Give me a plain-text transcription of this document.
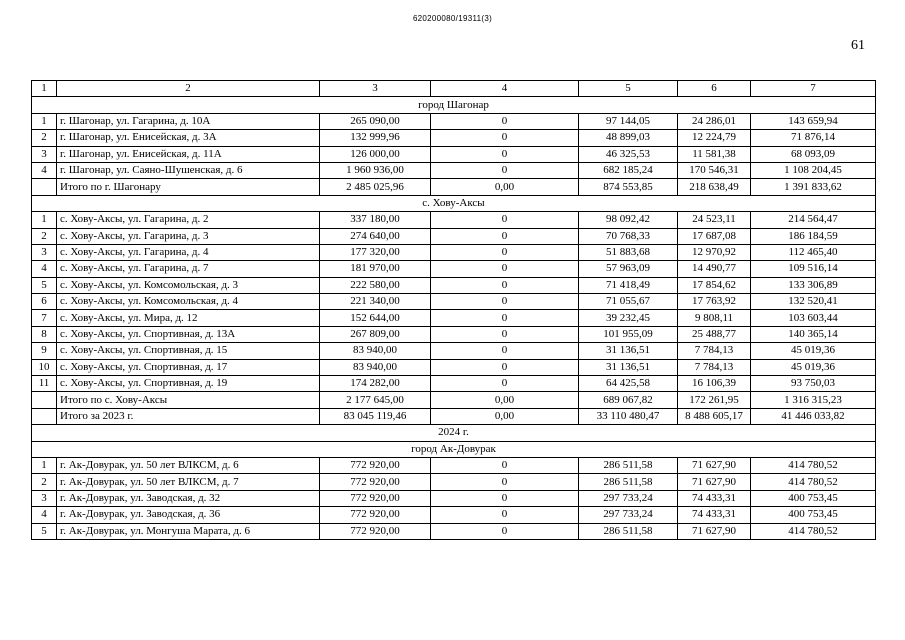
620200080/19311(3)
61
1	2	3	4	5	6	7
город Шагонар						
1	г. Шагонар, ул. Гагарина, д. 10А	265 090,00	0	97 144,05	24 286,01	143 659,94
2	г. Шагонар, ул. Енисейская, д. 3А	132 999,96	0	48 899,03	12 224,79	71 876,14
3	г. Шагонар, ул. Енисейская, д. 11А	126 000,00	0	46 325,53	11 581,38	68 093,09
4	г. Шагонар, ул. Саяно-Шушенская, д. 6	1 960 936,00	0	682 185,24	170 546,31	1 108 204,45
	Итого по г. Шагонару	2 485 025,96	0,00	874 553,85	218 638,49	1 391 833,62
с. Хову-Аксы						
1	с. Хову-Аксы, ул. Гагарина, д. 2	337 180,00	0	98 092,42	24 523,11	214 564,47
2	с. Хову-Аксы, ул. Гагарина, д. 3	274 640,00	0	70 768,33	17 687,08	186 184,59
3	с. Хову-Аксы, ул. Гагарина, д. 4	177 320,00	0	51 883,68	12 970,92	112 465,40
4	с. Хову-Аксы, ул. Гагарина, д. 7	181 970,00	0	57 963,09	14 490,77	109 516,14
5	с. Хову-Аксы, ул. Комсомольская, д. 3	222 580,00	0	71 418,49	17 854,62	133 306,89
6	с. Хову-Аксы, ул. Комсомольская, д. 4	221 340,00	0	71 055,67	17 763,92	132 520,41
7	с. Хову-Аксы, ул. Мира, д. 12	152 644,00	0	39 232,45	9 808,11	103 603,44
8	с. Хову-Аксы, ул. Спортивная, д. 13А	267 809,00	0	101 955,09	25 488,77	140 365,14
9	с. Хову-Аксы, ул. Спортивная, д. 15	83 940,00	0	31 136,51	7 784,13	45 019,36
10	с. Хову-Аксы, ул. Спортивная, д. 17	83 940,00	0	31 136,51	7 784,13	45 019,36
11	с. Хову-Аксы, ул. Спортивная, д. 19	174 282,00	0	64 425,58	16 106,39	93 750,03
	Итого по с. Хову-Аксы	2 177 645,00	0,00	689 067,82	172 261,95	1 316 315,23
	Итого за 2023 г.	83 045 119,46	0,00	33 110 480,47	8 488 605,17	41 446 033,82
2024 г.						
город Ак-Довурак						
1	г. Ак-Довурак, ул. 50 лет ВЛКСМ, д. 6	772 920,00	0	286 511,58	71 627,90	414 780,52
2	г. Ак-Довурак, ул. 50 лет ВЛКСМ, д. 7	772 920,00	0	286 511,58	71 627,90	414 780,52
3	г. Ак-Довурак, ул. Заводская, д. 32	772 920,00	0	297 733,24	74 433,31	400 753,45
4	г. Ак-Довурак, ул. Заводская, д. 36	772 920,00	0	297 733,24	74 433,31	400 753,45
5	г. Ак-Довурак, ул. Монгуша Марата, д. 6	772 920,00	0	286 511,58	71 627,90	414 780,52
